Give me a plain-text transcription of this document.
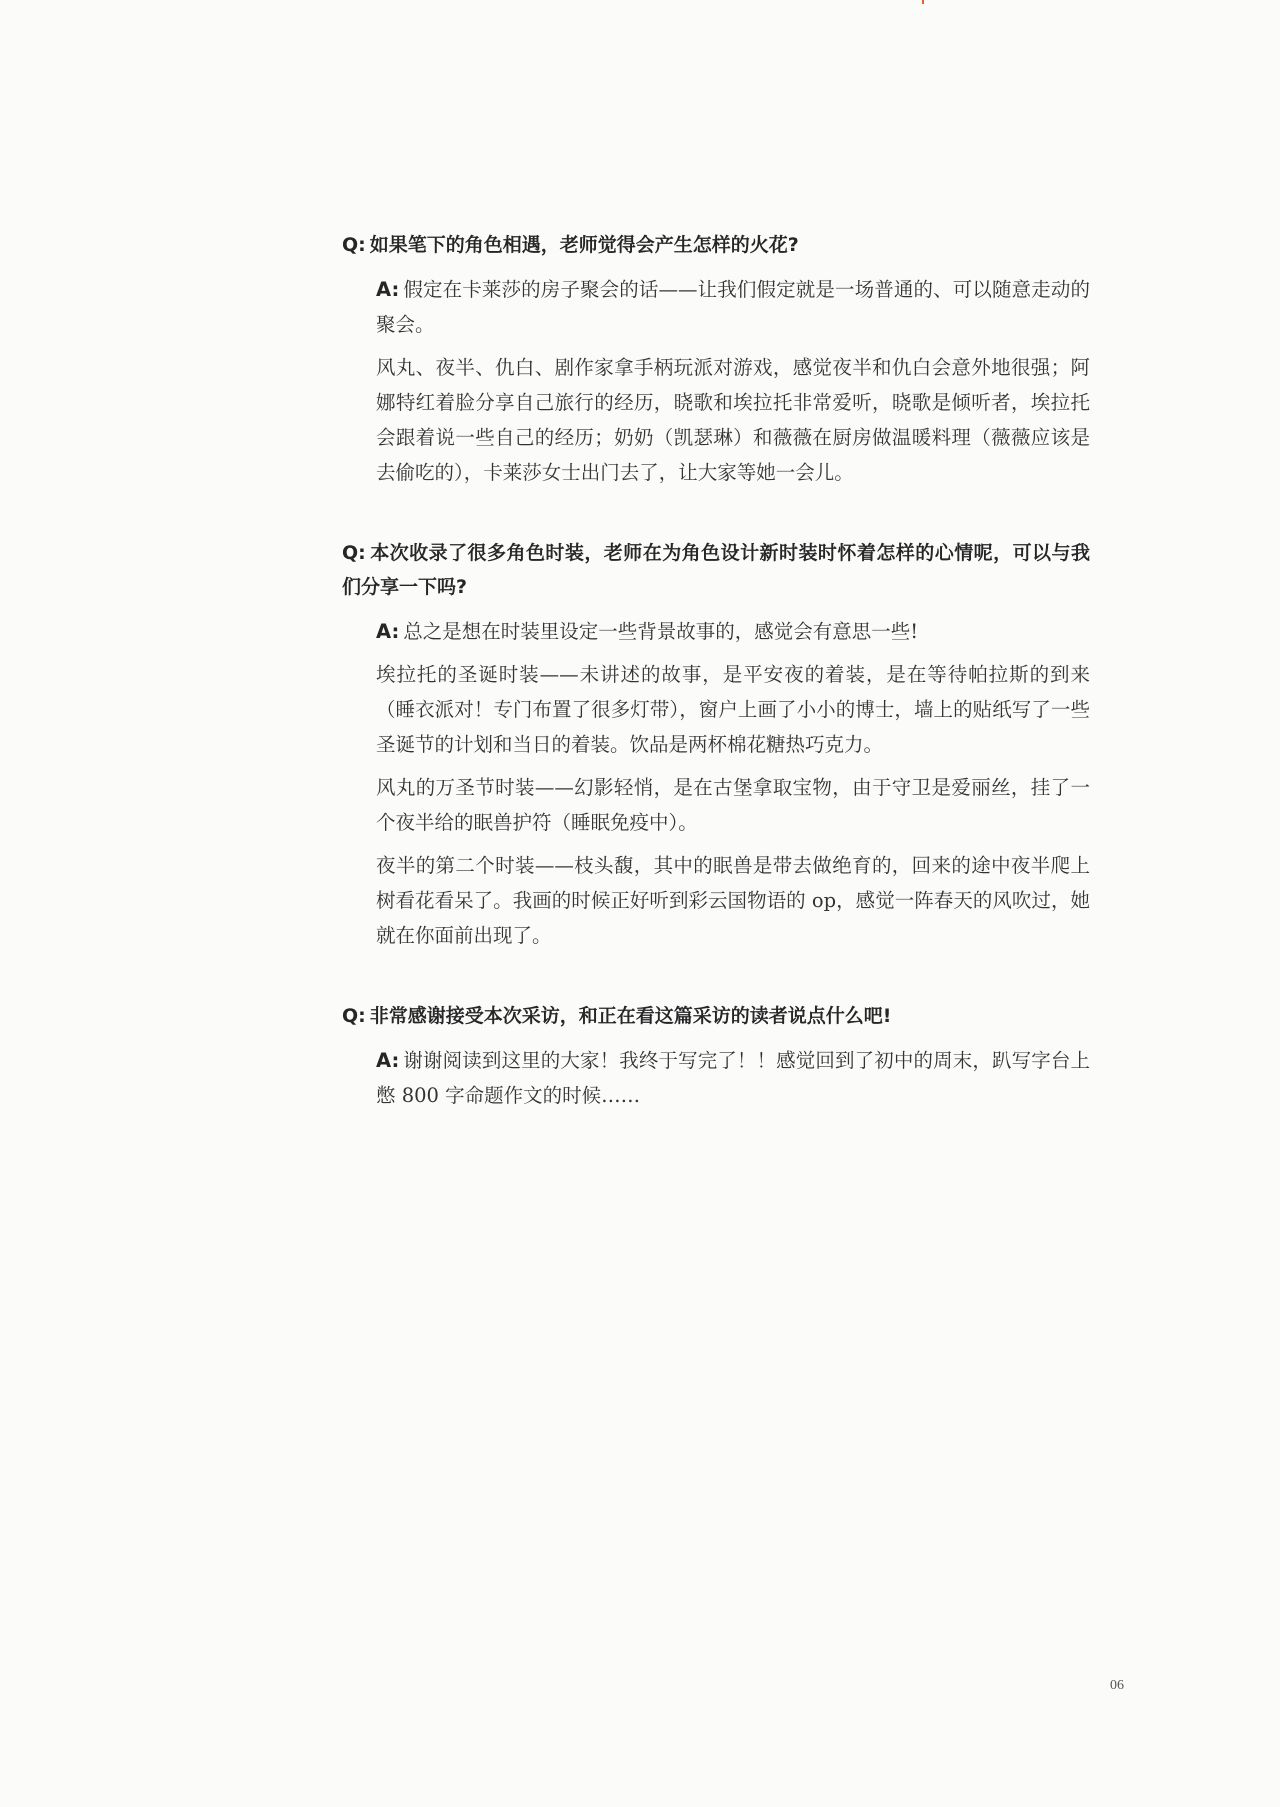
Q: 如果笔下的角色相遇，老师觉得会产生怎样的火花?

A: 假定在卡莱莎的房子聚会的话——让我们假定就是一场普通的、可以随意走动的聚会。

风丸、夜半、仇白、剧作家拿手柄玩派对游戏，感觉夜半和仇白会意外地很强；阿娜特红着脸分享自己旅行的经历，晓歌和埃拉托非常爱听，晓歌是倾听者，埃拉托会跟着说一些自己的经历；奶奶（凯瑟琳）和薇薇在厨房做温暖料理（薇薇应该是去偷吃的），卡莱莎女士出门去了，让大家等她一会儿。

Q: 本次收录了很多角色时装，老师在为角色设计新时装时怀着怎样的心情呢，可以与我们分享一下吗?

A: 总之是想在时装里设定一些背景故事的，感觉会有意思一些!

埃拉托的圣诞时装——未讲述的故事，是平安夜的着装，是在等待帕拉斯的到来（睡衣派对！专门布置了很多灯带），窗户上画了小小的博士，墙上的贴纸写了一些圣诞节的计划和当日的着装。饮品是两杯棉花糖热巧克力。

风丸的万圣节时装——幻影轻悄，是在古堡拿取宝物，由于守卫是爱丽丝，挂了一个夜半给的眠兽护符（睡眠免疫中）。

夜半的第二个时装——枝头馥，其中的眠兽是带去做绝育的，回来的途中夜半爬上树看花看呆了。我画的时候正好听到彩云国物语的 op，感觉一阵春天的风吹过，她就在你面前出现了。

Q: 非常感谢接受本次采访，和正在看这篇采访的读者说点什么吧!

A: 谢谢阅读到这里的大家！我终于写完了！！感觉回到了初中的周末，趴写字台上憋 800 字命题作文的时候……

06
